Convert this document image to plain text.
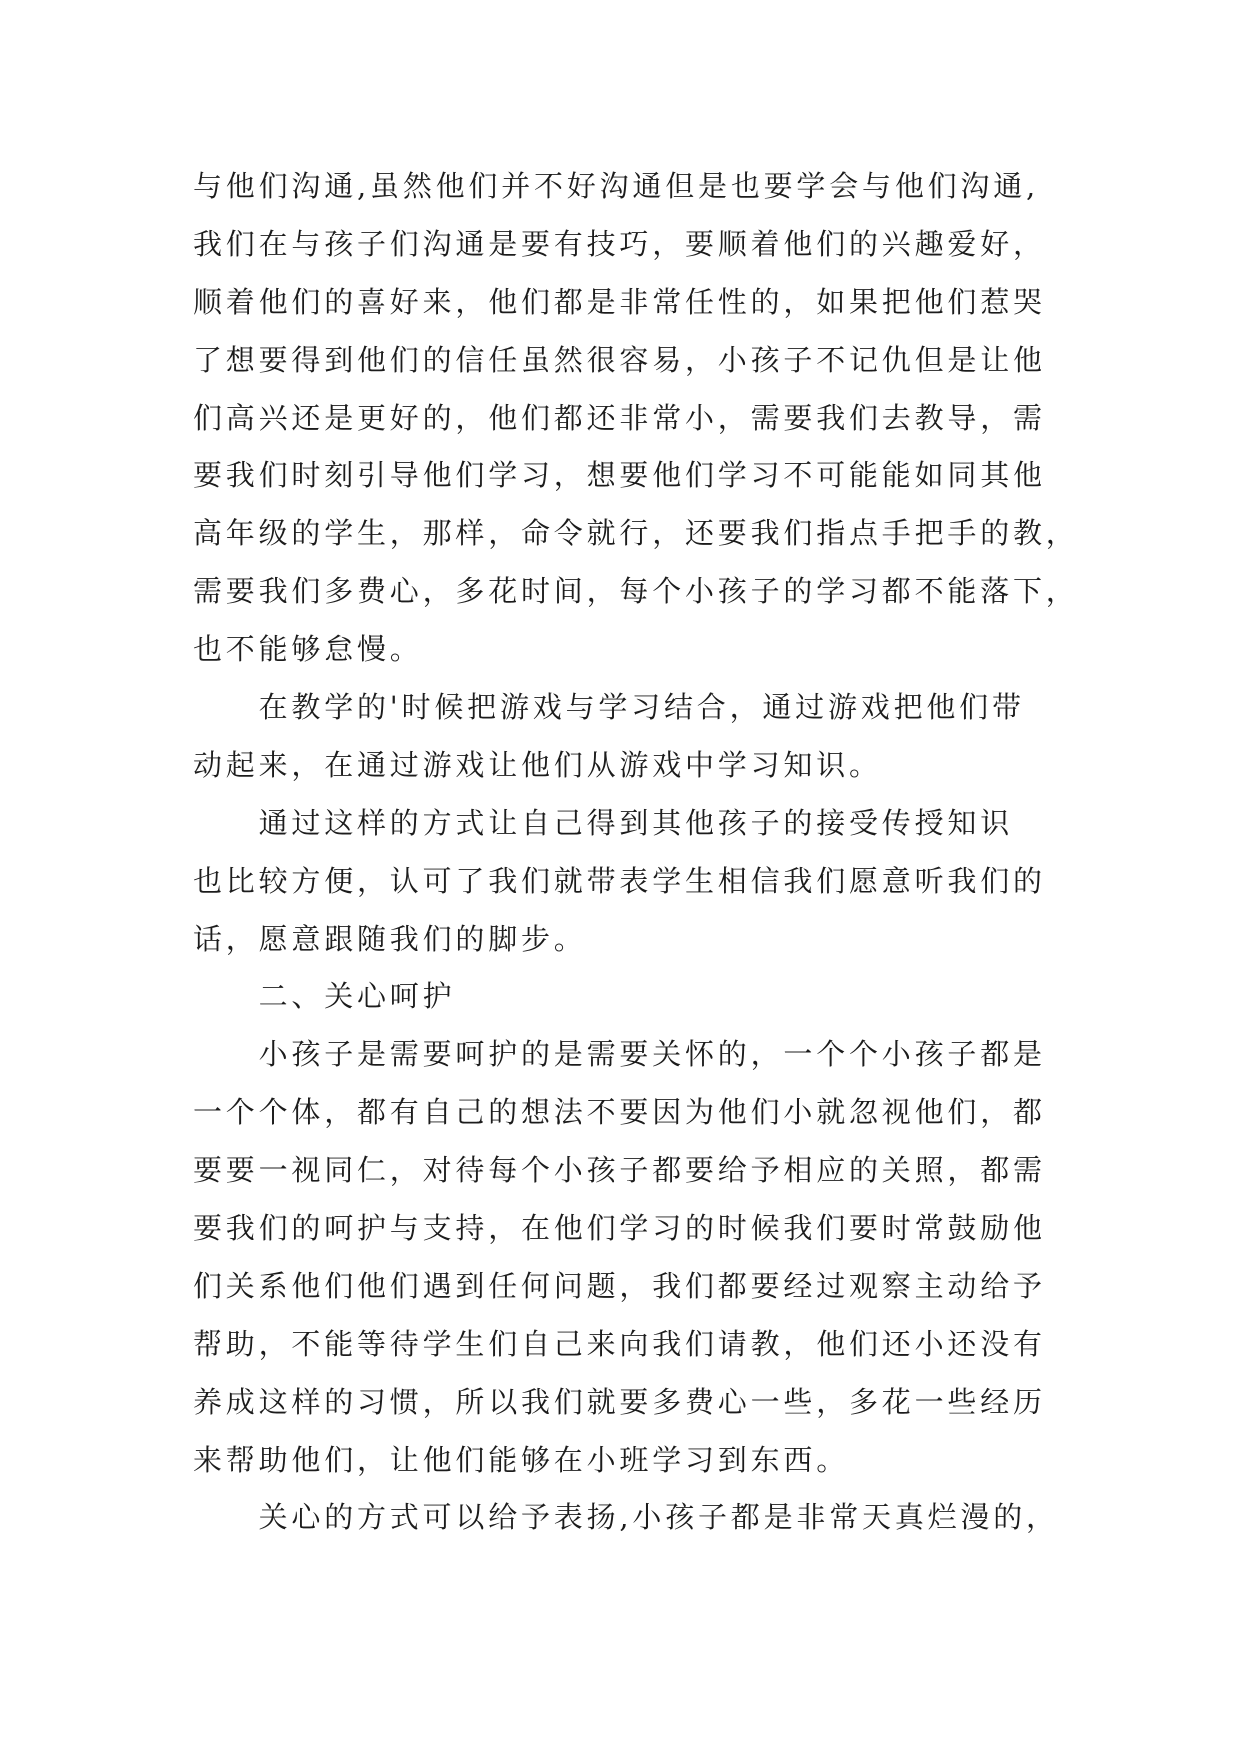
与他们沟通,虽然他们并不好沟通但是也要学会与他们沟通,
我们在与孩子们沟通是要有技巧，要顺着他们的兴趣爱好，
顺着他们的喜好来，他们都是非常任性的，如果把他们惹哭
了想要得到他们的信任虽然很容易，小孩子不记仇但是让他
们高兴还是更好的，他们都还非常小，需要我们去教导，需
要我们时刻引导他们学习，想要他们学习不可能能如同其他
高年级的学生，那样，命令就行，还要我们指点手把手的教，
需要我们多费心，多花时间，每个小孩子的学习都不能落下，
也不能够怠慢。
在教学的'时候把游戏与学习结合，通过游戏把他们带
动起来，在通过游戏让他们从游戏中学习知识。
通过这样的方式让自己得到其他孩子的接受传授知识
也比较方便，认可了我们就带表学生相信我们愿意听我们的
话，愿意跟随我们的脚步。
二、关心呵护
小孩子是需要呵护的是需要关怀的，一个个小孩子都是
一个个体，都有自己的想法不要因为他们小就忽视他们，都
要要一视同仁，对待每个小孩子都要给予相应的关照，都需
要我们的呵护与支持，在他们学习的时候我们要时常鼓励他
们关系他们他们遇到任何问题，我们都要经过观察主动给予
帮助，不能等待学生们自己来向我们请教，他们还小还没有
养成这样的习惯，所以我们就要多费心一些，多花一些经历
来帮助他们，让他们能够在小班学习到东西。
关心的方式可以给予表扬,小孩子都是非常天真烂漫的，
